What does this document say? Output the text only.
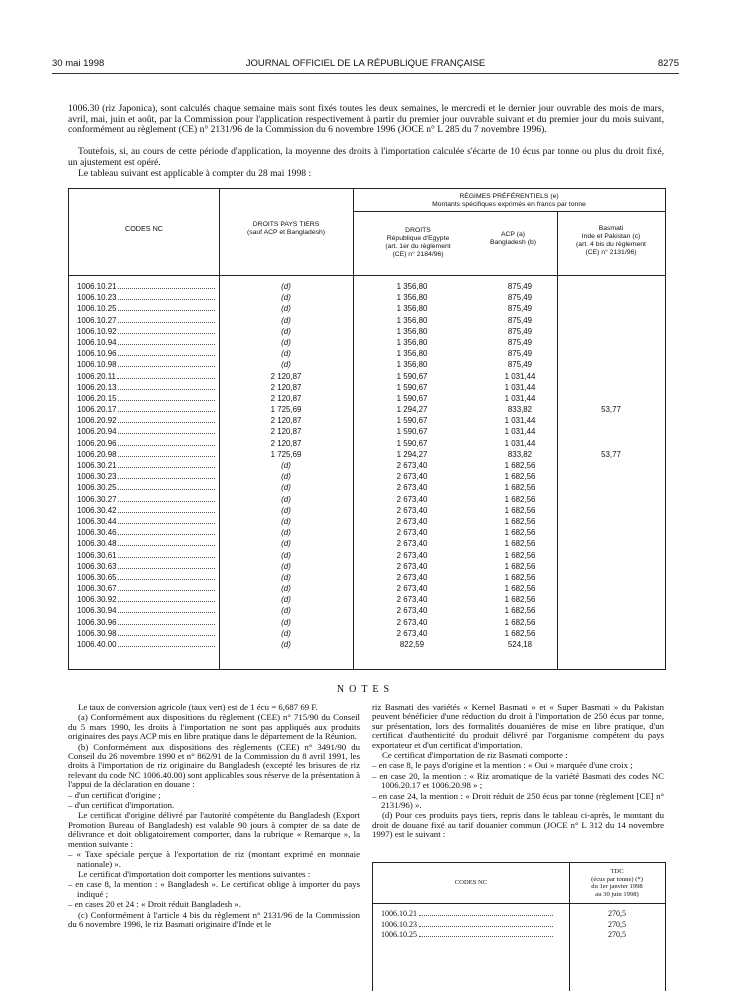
30 mai 1998	JOURNAL OFFICIEL DE LA RÉPUBLIQUE FRANÇAISE	8275
1006.30 (riz Japonica), sont calculés chaque semaine mais sont fixés toutes les deux semaines, le mercredi et le dernier jour ouvrable des mois de mars, avril, mai, juin et août, par la Commission pour l'application respectivement à partir du premier jour ouvrable suivant et du premier jour du mois suivant, conformément au règlement (CE) n° 2131/96 de la Commission du 6 novembre 1996 (JOCE n° L 285 du 7 novembre 1996).
Toutefois, si, au cours de cette période d'application, la moyenne des droits à l'importation calculée s'écarte de 10 écus par tonne ou plus du droit fixé, un ajustement est opéré.
Le tableau suivant est applicable à compter du 28 mai 1998 :
CODES NC	DROITS PAYS TIERS
(sauf ACP et Bangladesh)
RÉGIMES PRÉFÉRENTIELS (e)
Montants spécifiques exprimés en francs par tonne
DROITS
République d'Egypte
(art. 1er du règlement
(CE) n° 2184/96)
ACP (a)
Bangladesh (b)
Basmati
Inde et Pakistan (c)
(art. 4 bis du règlement
(CE) n° 2131/96)
1006.10.21	(d)	1 356,80	875,49
1006.10.23	(d)	1 356,80	875,49
1006.10.25	(d)	1 356,80	875,49
1006.10.27	(d)	1 356,80	875,49
1006.10.92	(d)	1 356,80	875,49
1006.10.94	(d)	1 356,80	875,49
1006.10.96	(d)	1 356,80	875,49
1006.10.98	(d)	1 356,80	875,49
1006.20.11	2 120,87	1 590,67	1 031,44
1006.20.13	2 120,87	1 590,67	1 031,44
1006.20.15	2 120,87	1 590,67	1 031,44
1006.20.17	1 725,69	1 294,27	833,82	53,77
1006.20.92	2 120,87	1 590,67	1 031,44
1006.20.94	2 120,87	1 590,67	1 031,44
1006.20.96	2 120,87	1 590,67	1 031,44
1006.20.98	1 725,69	1 294,27	833,82	53,77
1006.30.21	(d)	2 673,40	1 682,56
1006.30.23	(d)	2 673,40	1 682,56
1006.30.25	(d)	2 673,40	1 682,56
1006.30.27	(d)	2 673,40	1 682,56
1006.30.42	(d)	2 673,40	1 682,56
1006.30.44	(d)	2 673,40	1 682,56
1006.30.46	(d)	2 673,40	1 682,56
1006.30.48	(d)	2 673,40	1 682,56
1006.30.61	(d)	2 673,40	1 682,56
1006.30.63	(d)	2 673,40	1 682,56
1006.30.65	(d)	2 673,40	1 682,56
1006.30.67	(d)	2 673,40	1 682,56
1006.30.92	(d)	2 673,40	1 682,56
1006.30.94	(d)	2 673,40	1 682,56
1006.30.96	(d)	2 673,40	1 682,56
1006.30.98	(d)	2 673,40	1 682,56
1006.40.00	(d)	822,59	524,18
NOTES

Le taux de conversion agricole (taux vert) est de 1 écu = 6,687 69 F.

(a) Conformément aux dispositions du règlement (CEE) n° 715/90 du Conseil du 5 mars 1990, les droits à l'importation ne sont pas appliqués aux produits originaires des pays ACP mis en libre pratique dans le département de la Réunion.

(b) Conformément aux dispositions des règlements (CEE) n° 3491/90 du Conseil du 26 novembre 1990 et n° 862/91 de la Commission du 8 avril 1991, les droits à l'importation de riz originaire du Bangladesh (excepté les brisures de riz relevant du code NC 1006.40.00) sont applicables sous réserve de la présentation à l'appui de la déclaration en douane :

– d'un certificat d'origine ;

– d'un certificat d'importation.

Le certificat d'origine délivré par l'autorité compétente du Bangladesh (Export Promotion Bureau of Bangladesh) est valable 90 jours à compter de sa date de délivrance et doit obligatoirement comporter, dans la rubrique « Remarque », la mention suivante :

– « Taxe spéciale perçue à l'exportation de riz (montant exprimé en monnaie nationale) ».

Le certificat d'importation doit comporter les mentions suivantes :

– en case 8, la mention : « Bangladesh ». Le certificat oblige à importer du pays indiqué ;

– en cases 20 et 24 : « Droit réduit Bangladesh ».

(c) Conformément à l'article 4 bis du règlement n° 2131/96 de la Commission du 6 novembre 1996, le riz Basmati originaire d'Inde et le

riz Basmati des variétés « Kernel Basmati » et « Super Basmati » du Pakistan peuvent bénéficier d'une réduction du droit à l'importation de 250 écus par tonne, sur présentation, lors des formalités douanières de mise en libre pratique, d'un certificat d'authenticité du produit délivré par l'organisme compétent du pays exportateur et d'un certificat d'importation.

Ce certificat d'importation de riz Basmati comporte :

– en case 8, le pays d'origine et la mention : « Oui » marquée d'une croix ;

– en case 20, la mention : « Riz aromatique de la variété Basmati des codes NC 1006.20.17 et 1006.20.98 » ;

– en case 24, la mention : « Droit réduit de 250 écus par tonne (règlement [CE] n° 2131/96) ».

(d) Pour ces produits pays tiers, repris dans le tableau ci-après, le montant du droit de douane fixé au tarif douanier commun (JOCE n° L 312 du 14 novembre 1997) est le suivant :

CODES NC
TDC
(écus par tonne) (*)
du 1er janvier 1998
au 30 juin 1998)
1006.10.21	270,5
1006.10.23	270,5
1006.10.25	270,5
